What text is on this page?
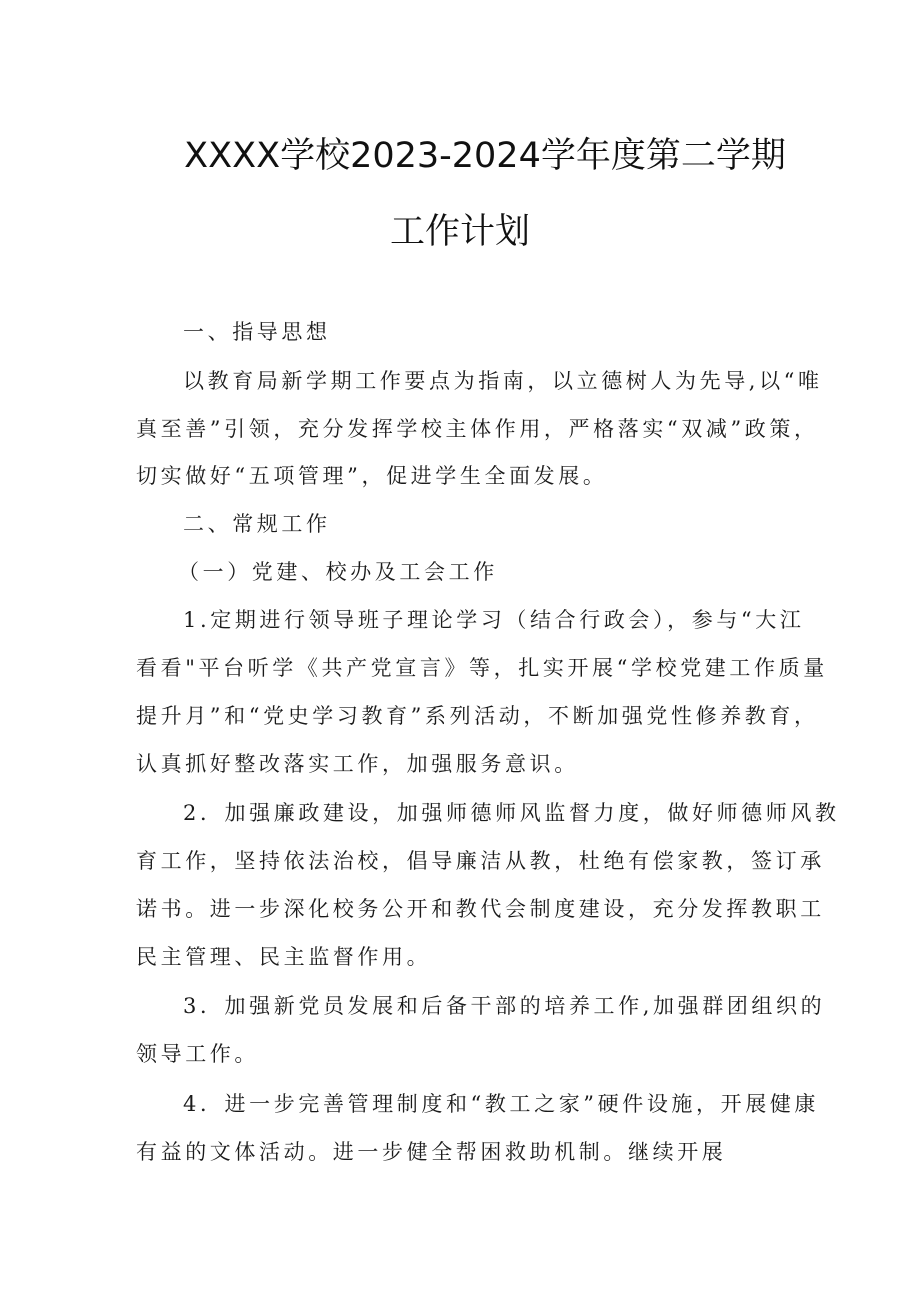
XXXX学校2023-2024学年度第二学期
工作计划
一、指导思想
以教育局新学期工作要点为指南，以立德树人为先导,以“唯
真至善”引领，充分发挥学校主体作用，严格落实“双减”政策，
切实做好“五项管理”，促进学生全面发展。
二、常规工作
（一）党建、校办及工会工作
1.定期进行领导班子理论学习（结合行政会），参与“大江
看看"平台听学《共产党宣言》等，扎实开展“学校党建工作质量
提升月”和“党史学习教育”系列活动，不断加强党性修养教育，
认真抓好整改落实工作，加强服务意识。
2．加强廉政建设，加强师德师风监督力度，做好师德师风教
育工作，坚持依法治校，倡导廉洁从教，杜绝有偿家教，签订承
诺书。进一步深化校务公开和教代会制度建设，充分发挥教职工
民主管理、民主监督作用。
3．加强新党员发展和后备干部的培养工作,加强群团组织的
领导工作。
4．进一步完善管理制度和“教工之家”硬件设施，开展健康
有益的文体活动。进一步健全帮困救助机制。继续开展
